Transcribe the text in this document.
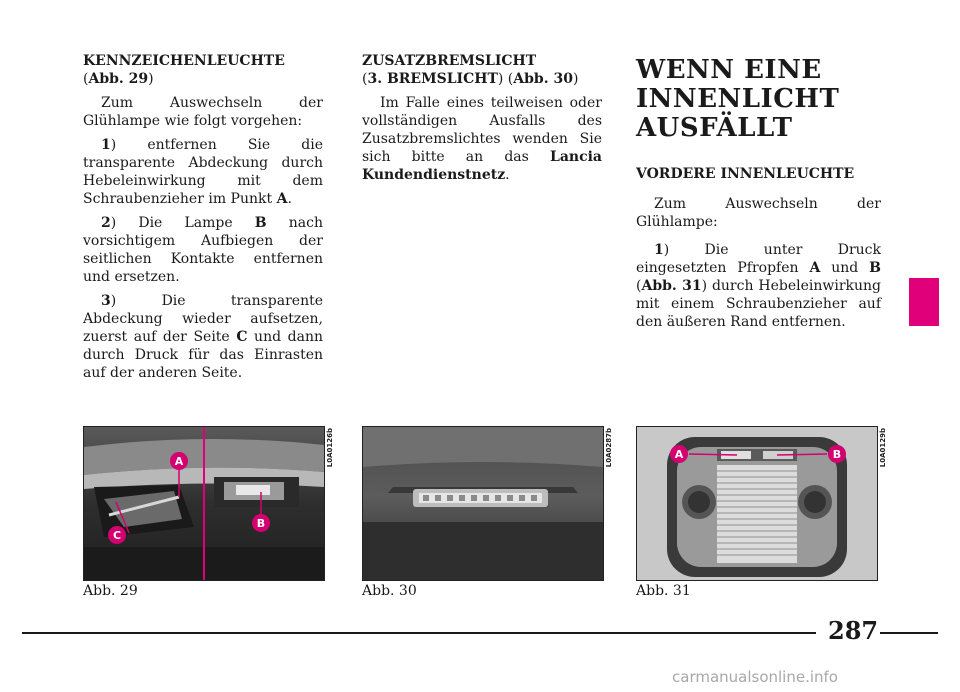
KENNZEICHENLEUCHTE
(Abb. 29)

Zum Auswechseln der Glühlampe wie folgt vorgehen:

1) entfernen Sie die transparente Abdeckung durch Hebeleinwirkung mit dem Schraubenzieher im Punkt A.

2) Die Lampe B nach vorsichtigem Aufbiegen der seitlichen Kontakte entfernen und ersetzen.

3) Die transparente Abdeckung wieder aufsetzen, zuerst auf der Seite C und dann durch Druck für das Einrasten auf der anderen Seite.

ZUSATZBREMSLICHT
(3. BREMSLICHT) (Abb. 30)

Im Falle eines teilweisen oder vollständigen Ausfalls des Zusatzbremslichtes wenden Sie sich bitte an das Lancia Kundendienstnetz.

WENN EINE
INNENLICHT
AUSFÄLLT

VORDERE INNENLEUCHTE

Zum Auswechseln der Glühlampe:

1) Die unter Druck eingesetzten Pfropfen A und B (Abb. 31) durch Hebeleinwirkung mit einem Schraubenzieher auf den äußeren Rand entfernen.

A
B
C
L0A0126b
Abb. 29
L0A0287b
Abb. 30
A	B	L0A0129b
Abb. 31
287
carmanualsonline.info
